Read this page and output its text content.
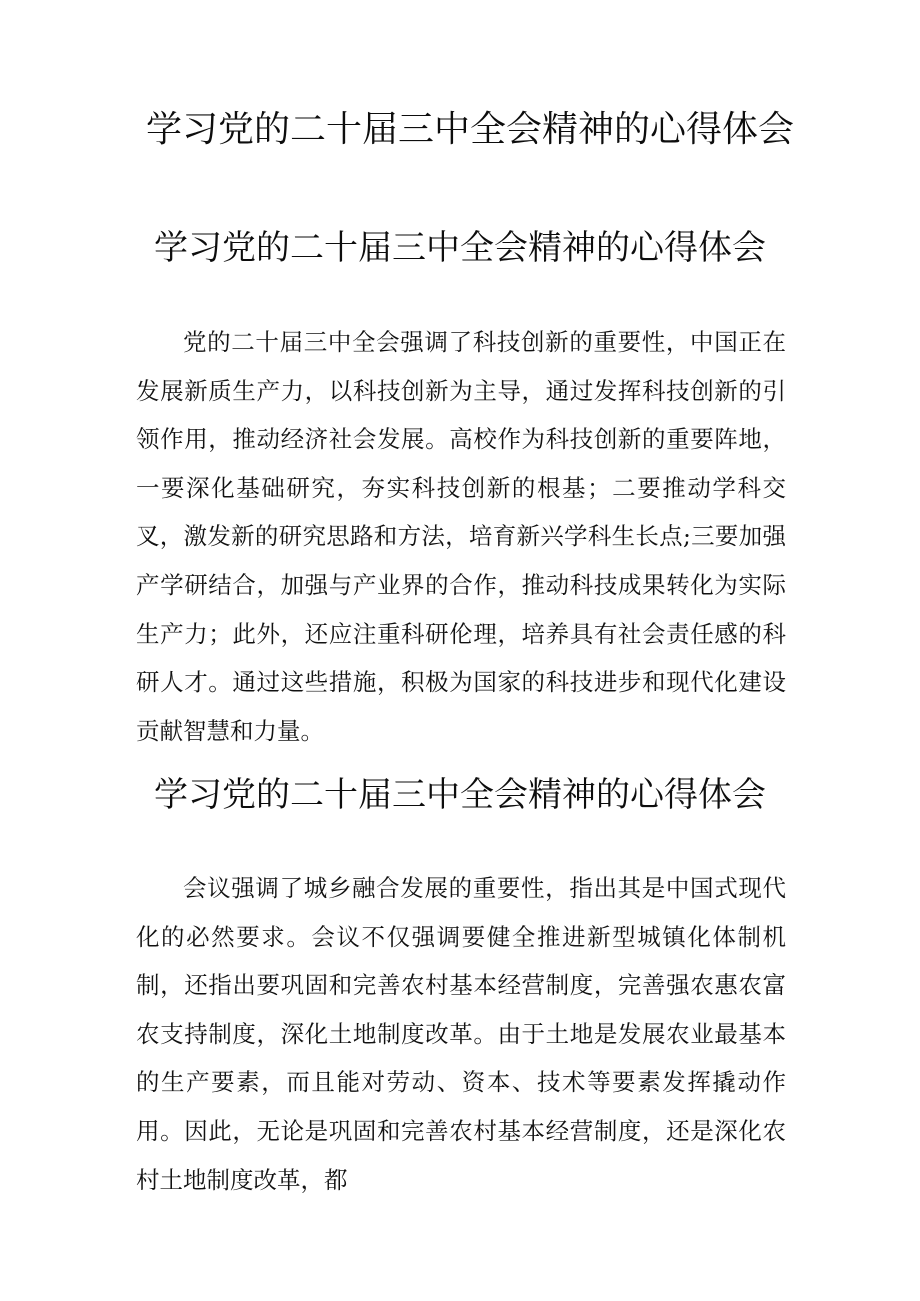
学习党的二十届三中全会精神的心得体会
学习党的二十届三中全会精神的心得体会

党的二十届三中全会强调了科技创新的重要性，中国正在发展新质生产力，以科技创新为主导，通过发挥科技创新的引领作用，推动经济社会发展。高校作为科技创新的重要阵地，一要深化基础研究，夯实科技创新的根基；二要推动学科交叉，激发新的研究思路和方法，培育新兴学科生长点;三要加强产学研结合，加强与产业界的合作，推动科技成果转化为实际生产力；此外，还应注重科研伦理，培养具有社会责任感的科研人才。通过这些措施，积极为国家的科技进步和现代化建设贡献智慧和力量。

学习党的二十届三中全会精神的心得体会

会议强调了城乡融合发展的重要性，指出其是中国式现代化的必然要求。会议不仅强调要健全推进新型城镇化体制机制，还指出要巩固和完善农村基本经营制度，完善强农惠农富农支持制度，深化土地制度改革。由于土地是发展农业最基本的生产要素，而且能对劳动、资本、技术等要素发挥撬动作用。因此，无论是巩固和完善农村基本经营制度，还是深化农村土地制度改革，都
